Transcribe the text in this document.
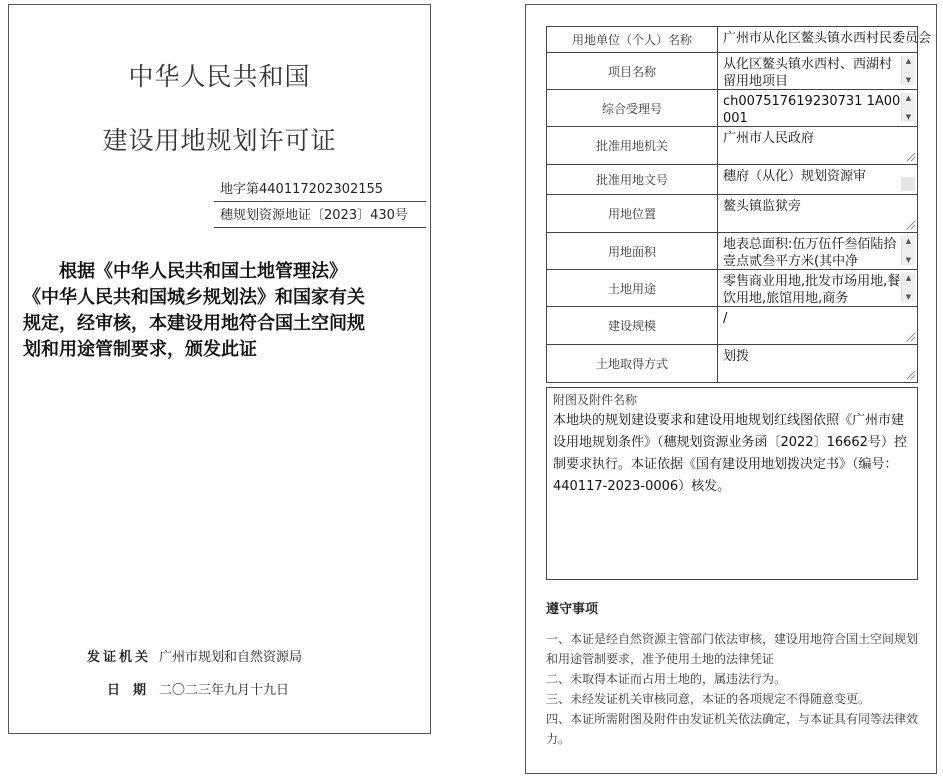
中华人民共和国
建设用地规划许可证
地字第440117202302155
穗规划资源地证〔2023〕430号

根据《中华人民共和国土地管理法》

《中华人民共和国城乡规划法》和国家有关

规定，经审核，本建设用地符合国土空间规

划和用途管制要求，颁发此证

发证机关 广州市规划和自然资源局
日期二〇二三年九月十九日
用地单位（个人）名称	广州市从化区鳌头镇水西村民委员会

项目名称	从化区鳌头镇水西村、西湖村留用地项目
▲
▼

综合受理号	ch007517619230731 1A00001
▲
▼

批准用地机关	广州市人民政府

批准用地文号	穗府（从化）规划资源审

用地位置	鳌头镇监狱旁

用地面积	地表总面积:伍万伍仟叁佰陆拾壹点贰叁平方米(其中净
▲
▼

土地用途	零售商业用地,批发市场用地,餐饮用地,旅馆用地,商务
▲
▼

建设规模	/

土地取得方式	划拨
附图及附件名称
本地块的规划建设要求和建设用地规划红线图依照《广州市建设用地规划条件》（穗规划资源业务函〔2022〕16662号）控制要求执行。本证依据《国有建设用地划拨决定书》（编号：440117-2023-0006）核发。
遵守事项

一、本证是经自然资源主管部门依法审核，建设用地符合国土空间规划和用途管制要求，准予使用土地的法律凭证

二、未取得本证而占用土地的，属违法行为。

三、未经发证机关审核同意，本证的各项规定不得随意变更。

四、本证所需附图及附件由发证机关依法确定，与本证具有同等法律效力。
